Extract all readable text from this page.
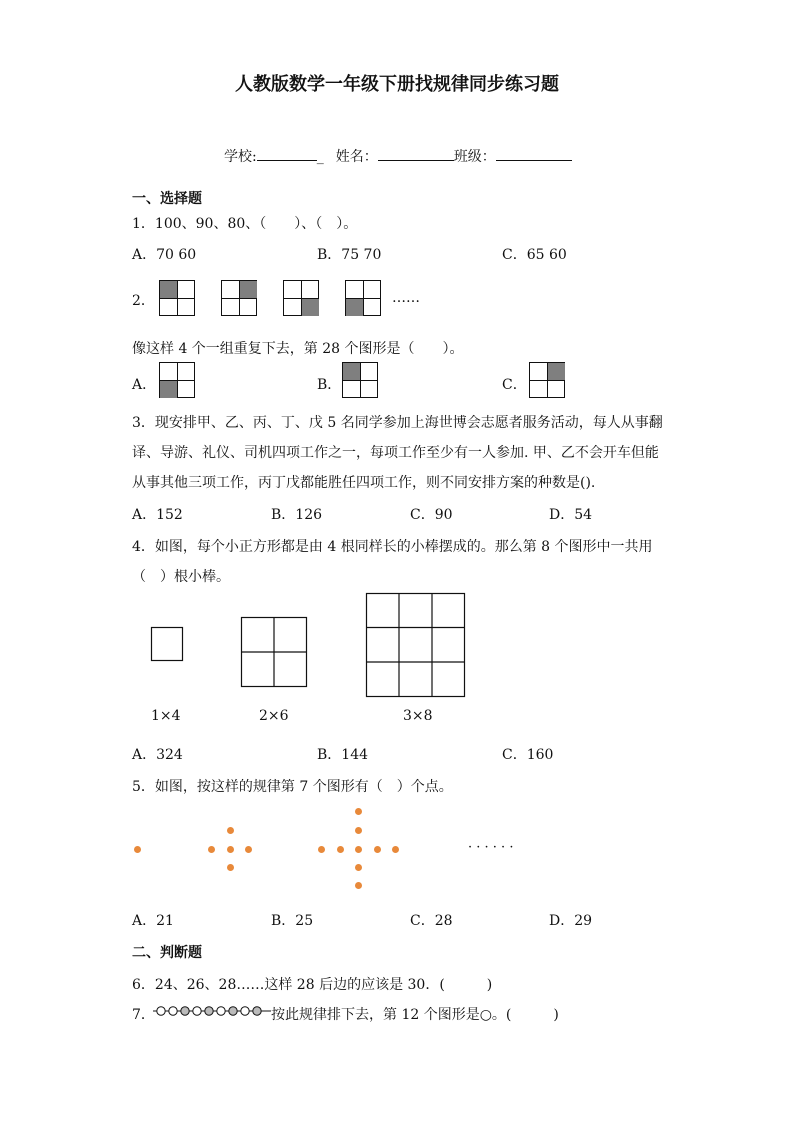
人教版数学一年级下册找规律同步练习题
学校:	_ 姓名：	班级：
一、选择题
1．100、90、80、（　　）、（　）。
A．70 60	B．75 70	C．65 60
2．	……
像这样 4 个一组重复下去，第 28 个图形是（　　）。
A．	B．	C．
3．现安排甲、乙、丙、丁、戊 5 名同学参加上海世博会志愿者服务活动，每人从事翻
译、导游、礼仪、司机四项工作之一，每项工作至少有一人参加. 甲、乙不会开车但能
从事其他三项工作，丙丁戊都能胜任四项工作，则不同安排方案的种数是().
A．152	B．126	C．90	D．54
4．如图，每个小正方形都是由 4 根同样长的小棒摆成的。那么第 8 个图形中一共用
（　）根小棒。
1×4	2×6	3×8
A．324	B．144	C．160
5．如图，按这样的规律第 7 个图形有（　）个点。
· · · · · ·
A．21	B．25	C．28	D．29
二、判断题
6．24、26、28……这样 28 后边的应该是 30．(　　　)
7．	按此规律排下去，第 12 个图形是○。(　　　)
